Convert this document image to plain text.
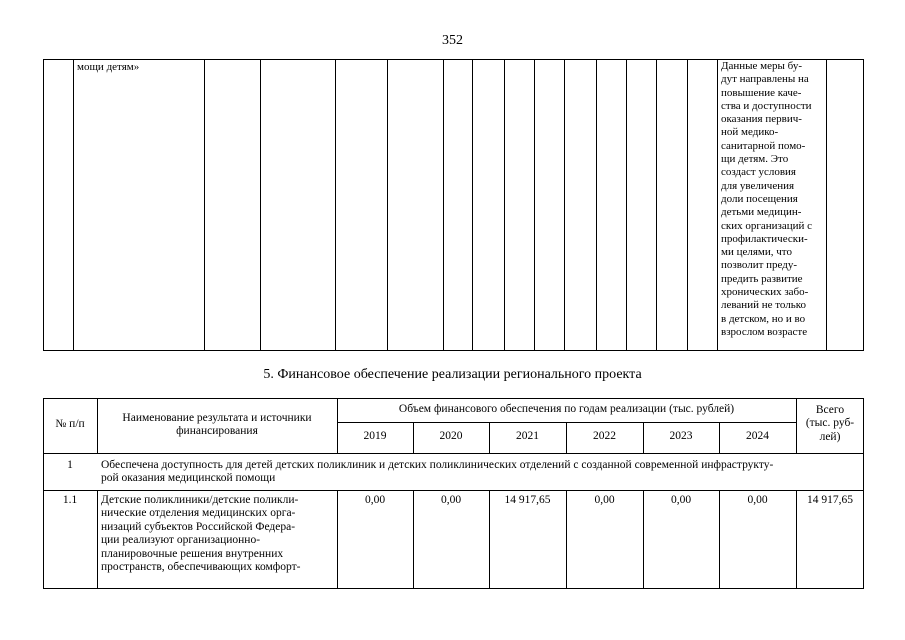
352
мощи детям»	Данные меры бу-
дут направлены на
повышение каче-
ства и доступности
оказания первич-
ной медико-
санитарной помо-
щи детям. Это
создаст условия
для увеличения
доли посещения
детьми медицин-
ских организаций с
профилактически-
ми целями, что
позволит преду-
предить развитие
хронических забо-
леваний не только
в детском, но и во
взрослом возрасте
5. Финансовое обеспечение реализации регионального проекта
№ п/п	Наименование результата и источники
финансирования
Объем финансового обеспечения по годам реализации (тыс. рублей)	Всего
(тыс. руб-
лей)
2019	2020	2021	2022	2023	2024
1	Обеспечена доступность для детей детских поликлиник и детских поликлинических отделений с созданной современной инфраструкту-
рой оказания медицинской помощи
1.1	Детские поликлиники/детские поликли-
нические отделения медицинских орга-
низаций субъектов Российской Федера-
ции реализуют организационно-
планировочные решения внутренних
пространств, обеспечивающих комфорт-
0,00	0,00	14 917,65	0,00	0,00	0,00	14 917,65
